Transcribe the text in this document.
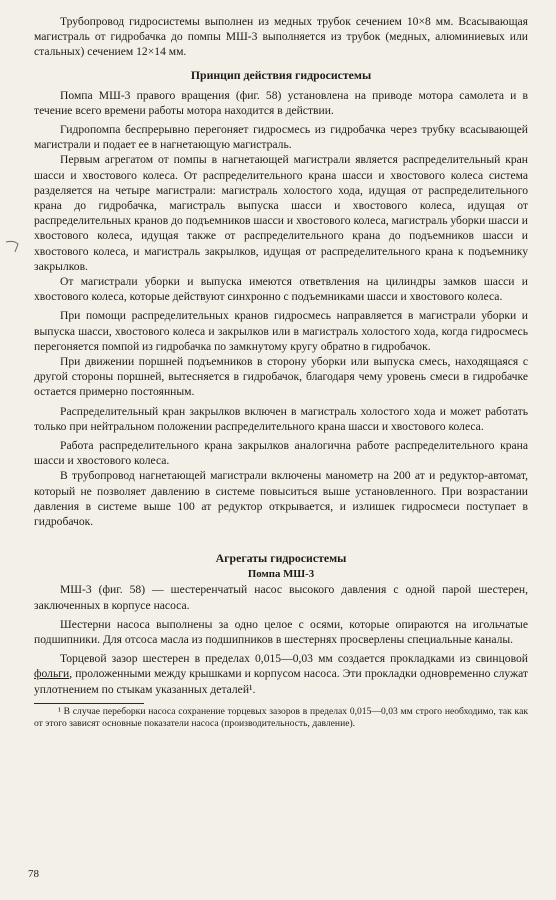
Трубопровод гидросистемы выполнен из медных трубок сечением 10×8 мм. Всасывающая магистраль от гидробачка до помпы МШ-3 выполняется из трубок (медных, алюминиевых или стальных) сечением 12×14 мм.

Принцип действия гидросистемы

Помпа МШ-3 правого вращения (фиг. 58) установлена на приводе мотора самолета и в течение всего времени работы мотора находится в действии.

Гидропомпа беспрерывно перегоняет гидросмесь из гидробачка через трубку всасывающей магистрали и подает ее в нагнетающую магистраль.

Первым агрегатом от помпы в нагнетающей магистрали является распределительный кран шасси и хвостового колеса. От распределительного крана шасси и хвостового колеса система разделяется на четыре магистрали: магистраль холостого хода, идущая от распределительного крана до гидробачка, магистраль выпуска шасси и хвостового колеса, идущая от распределительных кранов до подъемников шасси и хвостового колеса, магистраль уборки шасси и хвостового колеса, идущая также от распределительного крана до подъемников шасси и хвостового колеса, и магистраль закрылков, идущая от распределительного крана к подъемнику закрылков.

От магистрали уборки и выпуска имеются ответвления на цилиндры замков шасси и хвостового колеса, которые действуют синхронно с подъемниками шасси и хвостового колеса.

При помощи распределительных кранов гидросмесь направляется в магистрали уборки и выпуска шасси, хвостового колеса и закрылков или в магистраль холостого хода, когда гидросмесь перегоняется помпой из гидробачка по замкнутому кругу обратно в гидробачок.

При движении поршней подъемников в сторону уборки или выпуска смесь, находящаяся с другой стороны поршней, вытесняется в гидробачок, благодаря чему уровень смеси в гидробачке остается примерно постоянным.

Распределительный кран закрылков включен в магистраль холостого хода и может работать только при нейтральном положении распределительного крана шасси и хвостового колеса.

Работа распределительного крана закрылков аналогична работе распределительного крана шасси и хвостового колеса.

В трубопровод нагнетающей магистрали включены манометр на 200 ат и редуктор-автомат, который не позволяет давлению в системе повыситься выше установленного. При возрастании давления в системе выше 100 ат редуктор открывается, и излишек гидросмеси поступает в гидробачок.

Агрегаты гидросистемы
Помпа МШ-3

МШ-3 (фиг. 58) — шестеренчатый насос высокого давления с одной парой шестерен, заключенных в корпусе насоса.

Шестерни насоса выполнены за одно целое с осями, которые опираются на игольчатые подшипники. Для отсоса масла из подшипников в шестернях просверлены специальные каналы.

Торцевой зазор шестерен в пределах 0,015—0,03 мм создается прокладками из свинцовой фольги, проложенными между крышками и корпусом насоса. Эти прокладки одновременно служат уплотнением по стыкам указанных деталей¹.

¹ В случае переборки насоса сохранение торцевых зазоров в пределах 0,015—0,03 мм строго необходимо, так как от этого зависят основные показатели насоса (производительность, давление).

78
